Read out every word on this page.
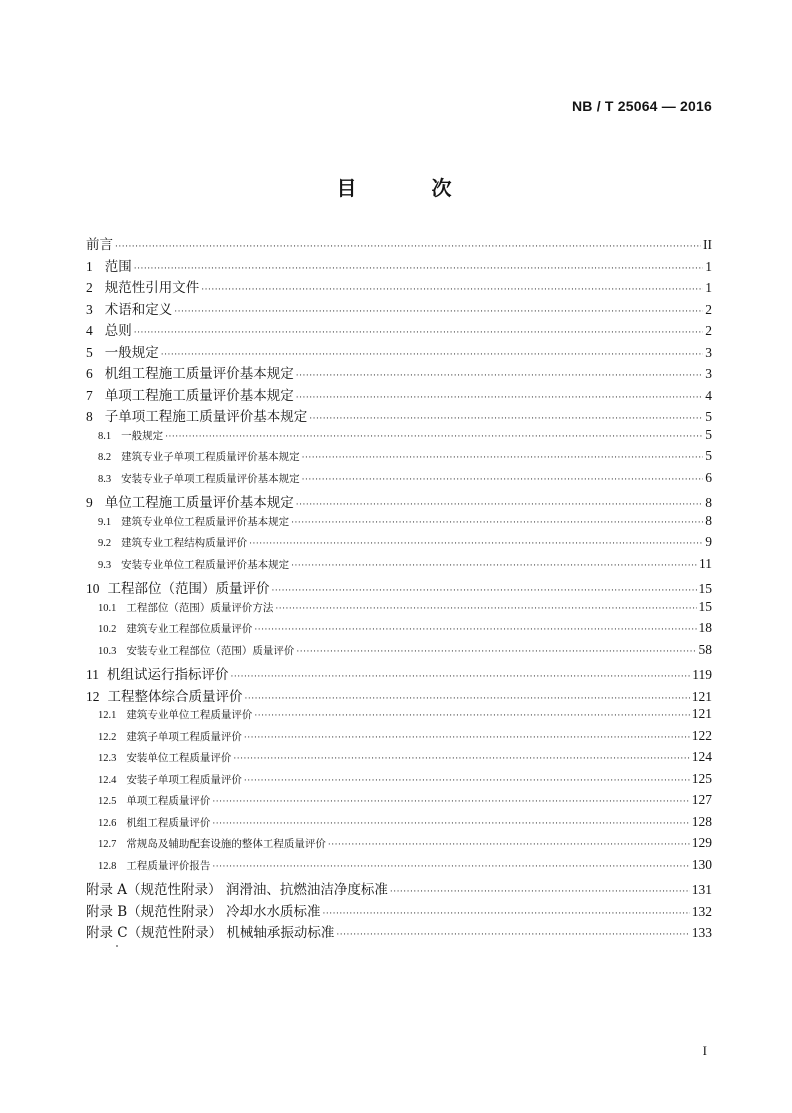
NB / T 25064 — 2016
目 次
前言 ·····	II
1 范围 ·····	1
2 规范性引用文件 ·····	1
3 术语和定义 ·····	2
4 总则 ·····	2
5 一般规定 ·····	3
6 机组工程施工质量评价基本规定 ·····	3
7 单项工程施工质量评价基本规定 ·····	4
8 子单项工程施工质量评价基本规定 ·····	5
8.1 一般规定 ·····	5
8.2 建筑专业子单项工程质量评价基本规定 ·····	5
8.3 安装专业子单项工程质量评价基本规定 ·····	6
9 单位工程施工质量评价基本规定 ·····	8
9.1 建筑专业单位工程质量评价基本规定 ·····	8
9.2 建筑专业工程结构质量评价 ·····	9
9.3 安装专业单位工程质量评价基本规定 ·····	11
10 工程部位（范围）质量评价 ·····	15
10.1 工程部位（范围）质量评价方法 ·····	15
10.2 建筑专业工程部位质量评价 ·····	18
10.3 安装专业工程部位（范围）质量评价 ·····	58
11 机组试运行指标评价 ·····	119
12 工程整体综合质量评价 ·····	121
12.1 建筑专业单位工程质量评价 ·····	121
12.2 建筑子单项工程质量评价 ·····	122
12.3 安装单位工程质量评价 ·····	124
12.4 安装子单项工程质量评价 ·····	125
12.5 单项工程质量评价 ·····	127
12.6 机组工程质量评价 ·····	128
12.7 常规岛及辅助配套设施的整体工程质量评价 ·····	129
12.8 工程质量评价报告 ·····	130
附录 A（规范性附录） 润滑油、抗燃油洁净度标准 ·····	131
附录 B（规范性附录） 冷却水水质标准 ·····	132
附录 C（规范性附录） 机械轴承振动标准 ·····	133
I
